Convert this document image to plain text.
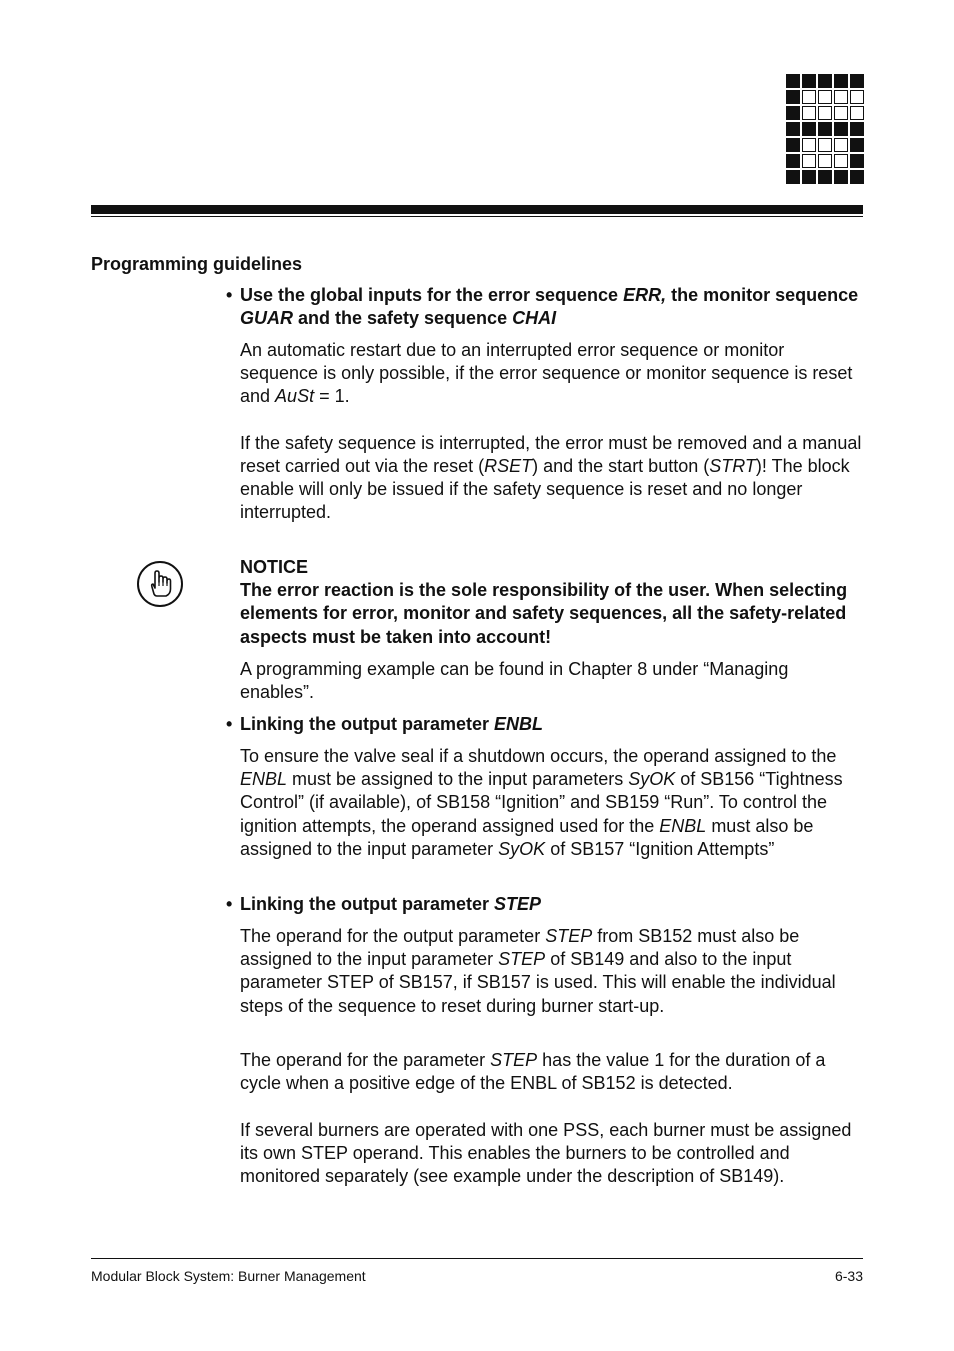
Programming guidelines
• Use the global inputs for the error sequence ERR, the monitor sequence GUAR and the safety sequence CHAI

An automatic restart due to an interrupted error sequence or monitor sequence is only possible, if the error sequence or monitor sequence is reset and AuSt = 1.

If the safety sequence is interrupted, the error must be removed and a manual reset carried out via the reset (RSET) and the start button (STRT)! The block enable will only be issued if the safety sequence is reset and no longer interrupted.

NOTICE
The error reaction is the sole responsibility of the user. When selecting elements for error, monitor and safety sequences, all the safety-related aspects must be taken into account!
A programming example can be found in Chapter 8 under “Managing enables”.
• Linking the output parameter ENBL
To ensure the valve seal if a shutdown occurs, the operand assigned to the ENBL must be assigned to the input parameters SyOK of SB156 “Tightness Control” (if available), of SB158 “Ignition” and SB159 “Run”. To control the ignition attempts, the operand assigned used for the ENBL must also be assigned to the input parameter SyOK of SB157 “Ignition Attempts”
• Linking the output parameter STEP
The operand for the output parameter STEP from SB152 must also be assigned to the input parameter STEP of SB149 and also to the input parameter STEP of SB157, if SB157 is used. This will enable the individual steps of the sequence to reset during burner start-up.
The operand for the parameter STEP has the value 1 for the duration of a cycle when a positive edge of the ENBL of SB152 is detected.
If several burners are operated with one PSS, each burner must be assigned its own STEP operand. This enables the burners to be controlled and monitored separately (see example under the description of SB149).
Modular Block System: Burner Management	6-33
